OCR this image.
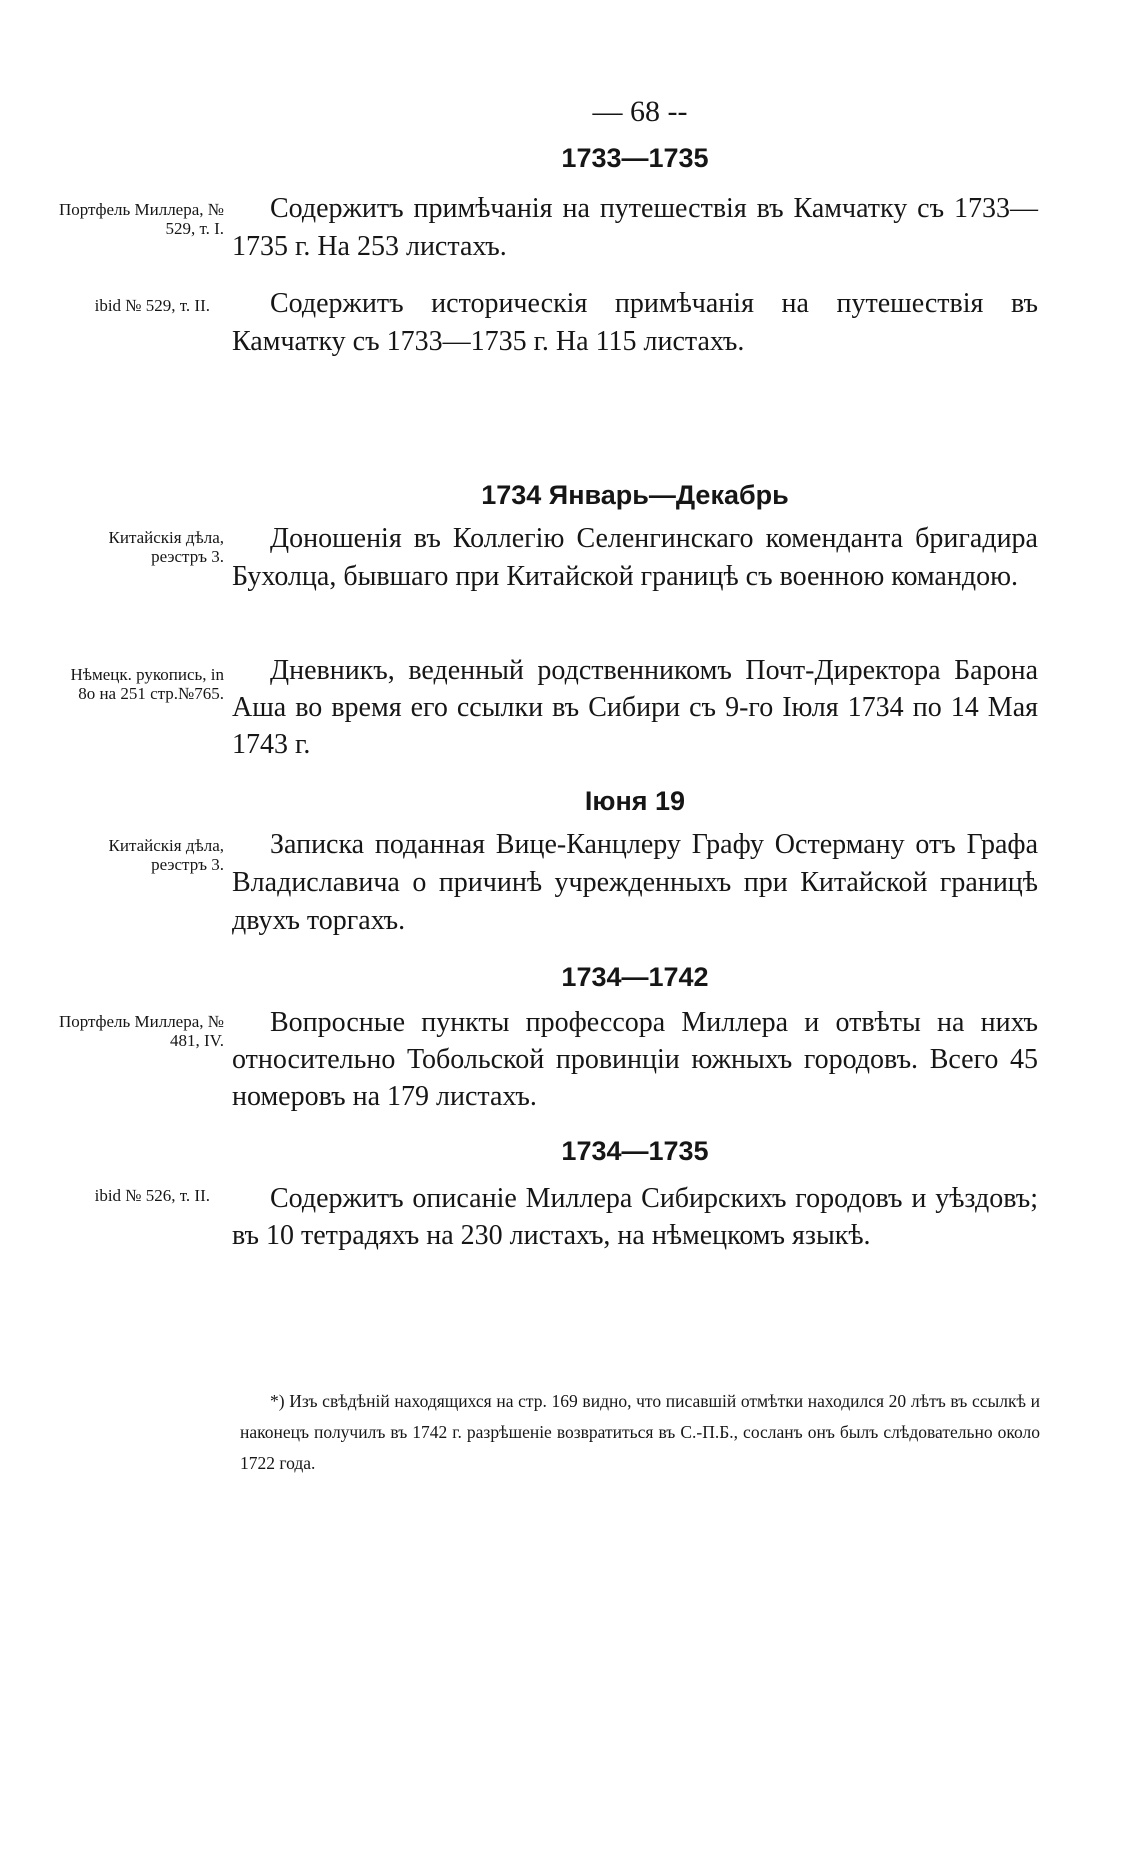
— 68 --
1733—1735
Портфель Миллера, № 529, т. I.
Содержитъ примѣчанія на путешествія въ Камчатку съ 1733—1735 г. На 253 листахъ.
ibid № 529, т. II.	Содержитъ историческія примѣчанія на путешествія въ Камчатку съ 1733—1735 г. На 115 листахъ.
1734 Январь—Декабрь
Китайскія дѣла, реэстръ 3.
Доношенія въ Коллегію Селенгинскаго коменданта бригадира Бухолца, бывшаго при Китайской границѣ съ военною командою.
Нѣмецк. рукопись, in 8o на 251 стр.№765.
Дневникъ, веденный родственникомъ Почт-Директора Барона Аша во время его ссылки въ Сибири съ 9-го Іюля 1734 по 14 Мая 1743 г.
Іюня 19
Китайскія дѣла, реэстръ 3.
Записка поданная Вице-Канцлеру Графу Остерману отъ Графа Владиславича о причинѣ учрежденныхъ при Китайской границѣ двухъ торгахъ.
1734—1742
Портфель Миллера, № 481, IV.
Вопросные пункты профессора Миллера и отвѣты на нихъ относительно Тобольской провинціи южныхъ городовъ. Всего 45 номеровъ на 179 листахъ.
1734—1735
ibid № 526, т. II.	Содержитъ описаніе Миллера Сибирскихъ городовъ и уѣздовъ; въ 10 тетрадяхъ на 230 листахъ, на нѣмецкомъ языкѣ.
*) Изъ свѣдѣній находящихся на стр. 169 видно, что писавшій отмѣтки находился 20 лѣтъ въ ссылкѣ и наконецъ получилъ въ 1742 г. разрѣшеніе возвратиться въ С.-П.Б., сосланъ онъ былъ слѣдовательно около 1722 года.
